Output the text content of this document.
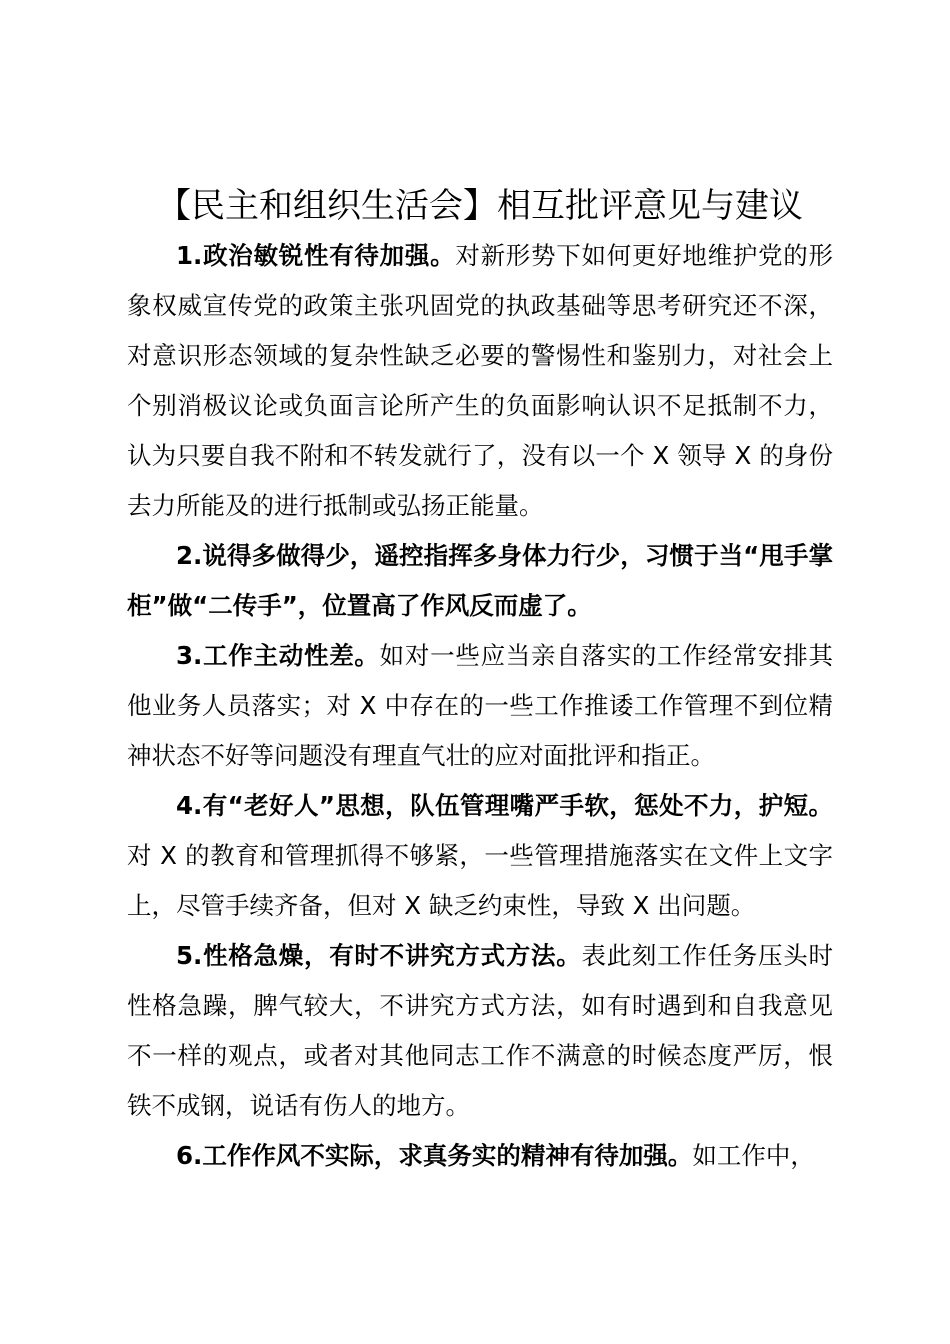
【民主和组织生活会】相互批评意见与建议

1.政治敏锐性有待加强。对新形势下如何更好地维护党的形象权威宣传党的政策主张巩固党的执政基础等思考研究还不深，对意识形态领域的复杂性缺乏必要的警惕性和鉴别力，对社会上个别消极议论或负面言论所产生的负面影响认识不足抵制不力，认为只要自我不附和不转发就行了，没有以一个 X 领导 X 的身份去力所能及的进行抵制或弘扬正能量。

2.说得多做得少，遥控指挥多身体力行少，习惯于当“甩手掌柜”做“二传手”，位置高了作风反而虚了。

3.工作主动性差。如对一些应当亲自落实的工作经常安排其他业务人员落实；对 X 中存在的一些工作推诿工作管理不到位精神状态不好等问题没有理直气壮的应对面批评和指正。

4.有“老好人”思想，队伍管理嘴严手软，惩处不力，护短。对 X 的教育和管理抓得不够紧，一些管理措施落实在文件上文字上，尽管手续齐备，但对 X 缺乏约束性，导致 X 出问题。

5.性格急燥，有时不讲究方式方法。表此刻工作任务压头时性格急躁，脾气较大，不讲究方式方法，如有时遇到和自我意见不一样的观点，或者对其他同志工作不满意的时候态度严厉，恨铁不成钢，说话有伤人的地方。

6.工作作风不实际，求真务实的精神有待加强。如工作中，
